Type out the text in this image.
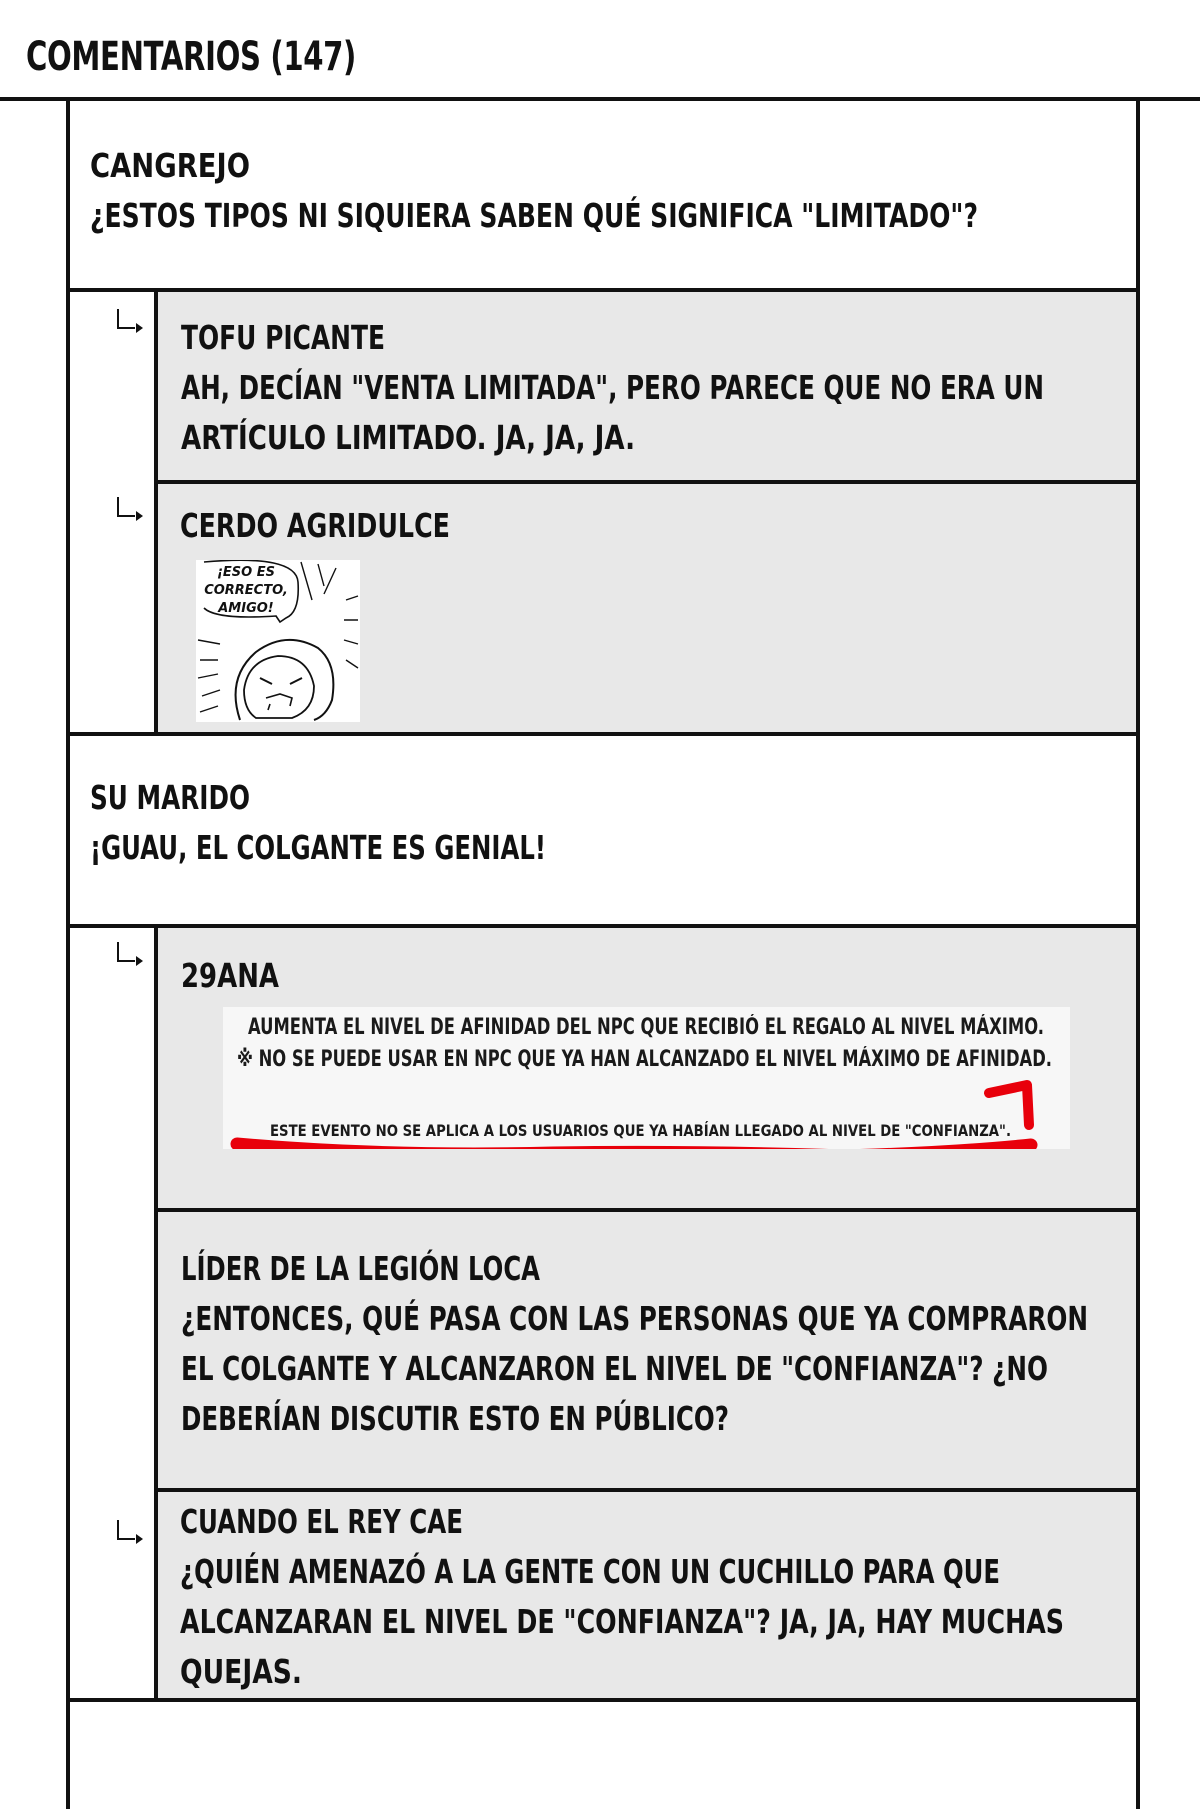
COMENTARIOS (147)
CANGREJO
¿ESTOS TIPOS NI SIQUIERA SABEN QUÉ SIGNIFICA "LIMITADO"?
TOFU PICANTE
AH, DECÍAN "VENTA LIMITADA", PERO PARECE QUE NO ERA UN
ARTÍCULO LIMITADO. JA, JA, JA.
CERDO AGRIDULCE
¡ESO ES
CORRECTO,
AMIGO!
SU MARIDO
¡GUAU, EL COLGANTE ES GENIAL!
29ANA
AUMENTA EL NIVEL DE AFINIDAD DEL NPC QUE RECIBIÓ EL REGALO AL NIVEL MÁXIMO.
※ NO SE PUEDE USAR EN NPC QUE YA HAN ALCANZADO EL NIVEL MÁXIMO DE AFINIDAD.
ESTE EVENTO NO SE APLICA A LOS USUARIOS QUE YA HABÍAN LLEGADO AL NIVEL DE "CONFIANZA".
LÍDER DE LA LEGIÓN LOCA
¿ENTONCES, QUÉ PASA CON LAS PERSONAS QUE YA COMPRARON
EL COLGANTE Y ALCANZARON EL NIVEL DE "CONFIANZA"? ¿NO
DEBERÍAN DISCUTIR ESTO EN PÚBLICO?
CUANDO EL REY CAE
¿QUIÉN AMENAZÓ A LA GENTE CON UN CUCHILLO PARA QUE
ALCANZARAN EL NIVEL DE "CONFIANZA"? JA, JA, HAY MUCHAS
QUEJAS.
